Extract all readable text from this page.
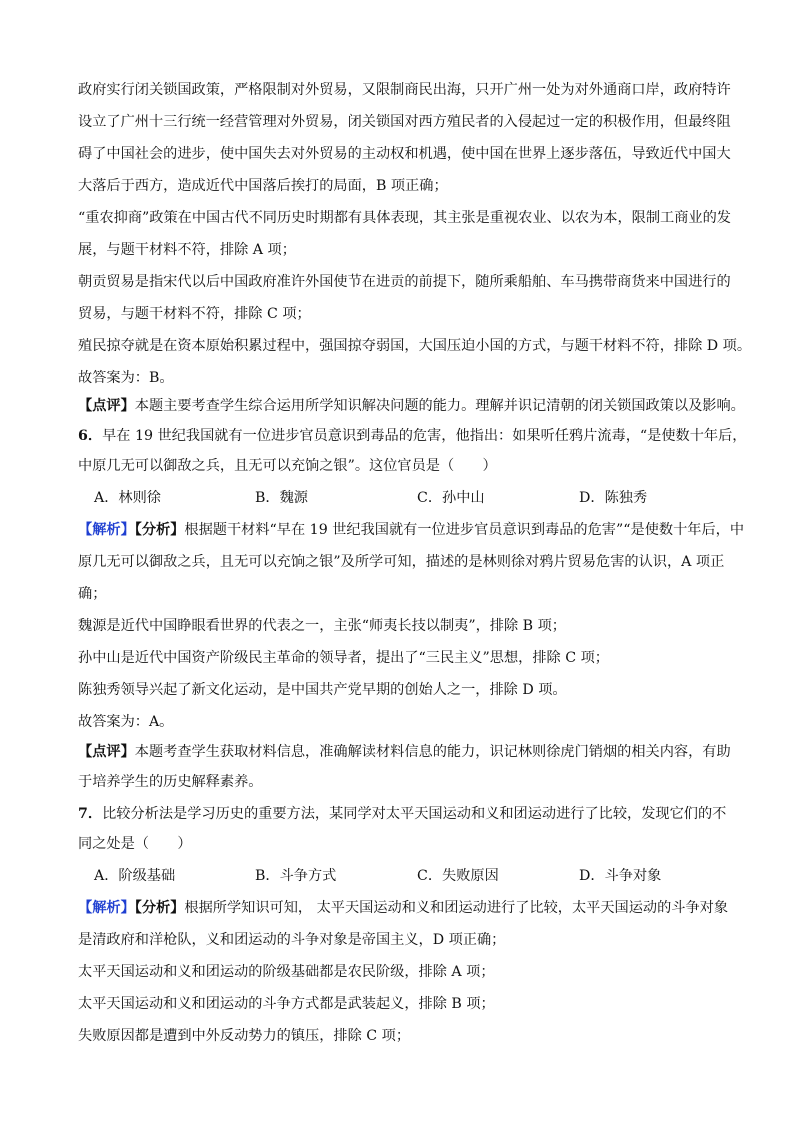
政府实行闭关锁国政策，严格限制对外贸易，又限制商民出海，只开广州一处为对外通商口岸，政府特许
设立了广州十三行统一经营管理对外贸易，闭关锁国对西方殖民者的入侵起过一定的积极作用，但最终阻
碍了中国社会的进步，使中国失去对外贸易的主动权和机遇，使中国在世界上逐步落伍，导致近代中国大
大落后于西方，造成近代中国落后挨打的局面，B 项正确；
“重农抑商”政策在中国古代不同历史时期都有具体表现，其主张是重视农业、以农为本，限制工商业的发
展，与题干材料不符，排除 A 项；
朝贡贸易是指宋代以后中国政府准许外国使节在进贡的前提下，随所乘船舶、车马携带商货来中国进行的
贸易，与题干材料不符，排除 C 项；
殖民掠夺就是在资本原始积累过程中，强国掠夺弱国，大国压迫小国的方式，与题干材料不符，排除 D 项。
故答案为：B。
【点评】本题主要考查学生综合运用所学知识解决问题的能力。理解并识记清朝的闭关锁国政策以及影响。
6．早在 19 世纪我国就有一位进步官员意识到毒品的危害，他指出：如果听任鸦片流毒，“是使数十年后，
中原几无可以御敌之兵，且无可以充饷之银”。这位官员是（　　）
A．林则徐	B．魏源	C．孙中山	D．陈独秀
【解析】【分析】根据题干材料“早在 19 世纪我国就有一位进步官员意识到毒品的危害”“是使数十年后，中
原几无可以御敌之兵，且无可以充饷之银”及所学可知，描述的是林则徐对鸦片贸易危害的认识，A 项正
确；
魏源是近代中国睁眼看世界的代表之一，主张“师夷长技以制夷”，排除 B 项；
孙中山是近代中国资产阶级民主革命的领导者，提出了“三民主义”思想，排除 C 项；
陈独秀领导兴起了新文化运动，是中国共产党早期的创始人之一，排除 D 项。
故答案为：A。
【点评】本题考查学生获取材料信息，准确解读材料信息的能力，识记林则徐虎门销烟的相关内容，有助
于培养学生的历史解释素养。
7．比较分析法是学习历史的重要方法，某同学对太平天国运动和义和团运动进行了比较，发现它们的不
同之处是（　　）
A．阶级基础	B．斗争方式	C．失败原因	D．斗争对象
【解析】【分析】根据所学知识可知， 太平天国运动和义和团运动进行了比较，太平天国运动的斗争对象
是清政府和洋枪队，义和团运动的斗争对象是帝国主义，D 项正确；
太平天国运动和义和团运动的阶级基础都是农民阶级，排除 A 项；
太平天国运动和义和团运动的斗争方式都是武装起义，排除 B 项；
失败原因都是遭到中外反动势力的镇压，排除 C 项；
